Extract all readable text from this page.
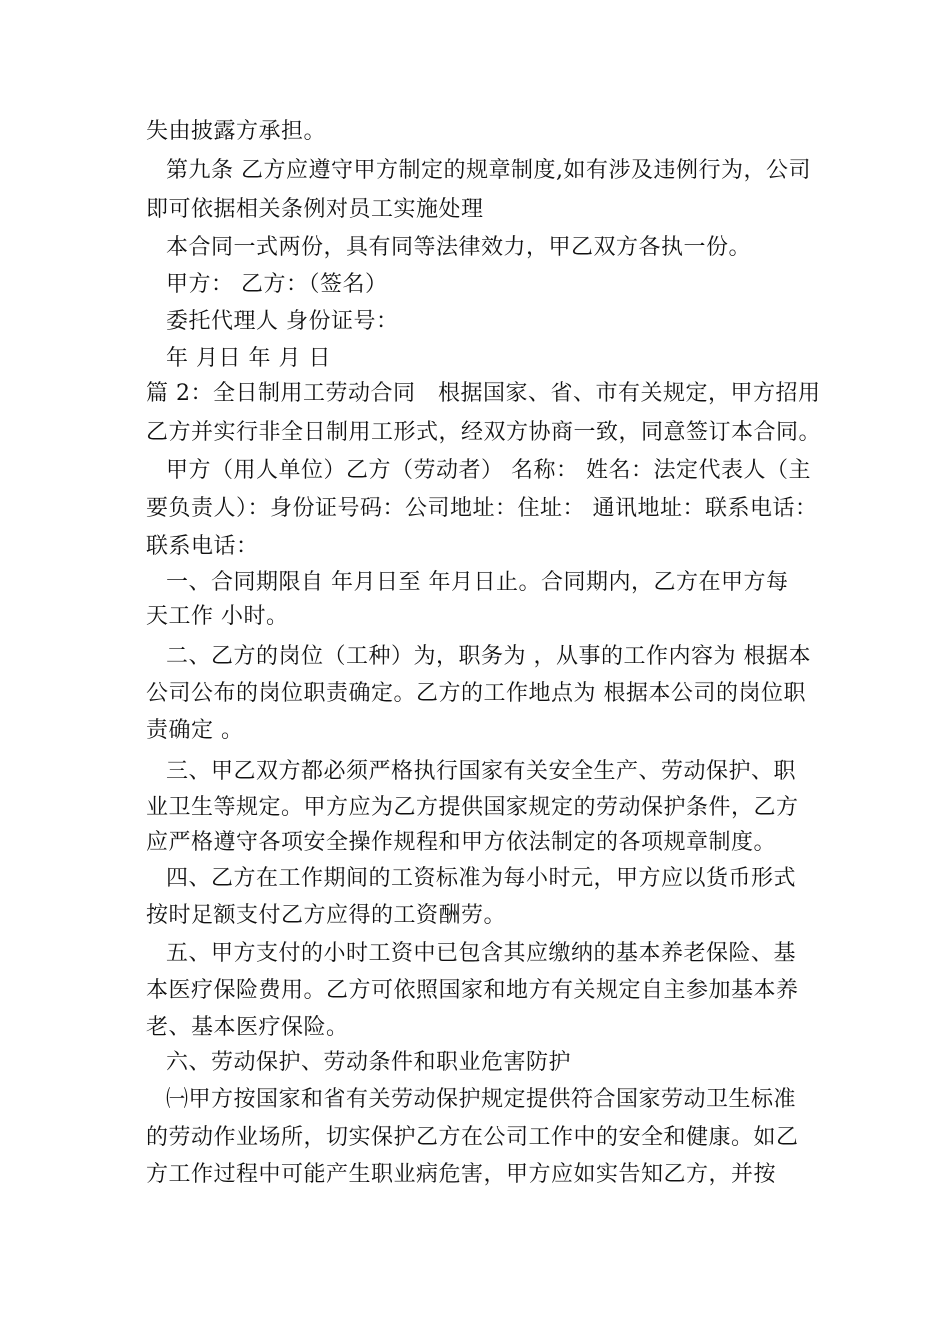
失由披露方承担。
第九条 乙方应遵守甲方制定的规章制度,如有涉及违例行为，公司
即可依据相关条例对员工实施处理
本合同一式两份，具有同等法律效力，甲乙双方各执一份。
甲方： 乙方：（签名）
委托代理人 身份证号：
年 月日 年 月 日
篇 2：全日制用工劳动合同　根据国家、省、市有关规定，甲方招用
乙方并实行非全日制用工形式，经双方协商一致，同意签订本合同。
甲方（用人单位）乙方（劳动者） 名称： 姓名：法定代表人（主
要负责人）：身份证号码：公司地址：住址： 通讯地址：联系电话：
联系电话：
一、合同期限自 年月日至 年月日止。合同期内，乙方在甲方每
天工作 小时。
二、乙方的岗位（工种）为，职务为 ，从事的工作内容为 根据本
公司公布的岗位职责确定。乙方的工作地点为 根据本公司的岗位职
责确定 。
三、甲乙双方都必须严格执行国家有关安全生产、劳动保护、职
业卫生等规定。甲方应为乙方提供国家规定的劳动保护条件，乙方
应严格遵守各项安全操作规程和甲方依法制定的各项规章制度。
四、乙方在工作期间的工资标准为每小时元，甲方应以货币形式
按时足额支付乙方应得的工资酬劳。
五、甲方支付的小时工资中已包含其应缴纳的基本养老保险、基
本医疗保险费用。乙方可依照国家和地方有关规定自主参加基本养
老、基本医疗保险。
六、劳动保护、劳动条件和职业危害防护
㈠甲方按国家和省有关劳动保护规定提供符合国家劳动卫生标准
的劳动作业场所，切实保护乙方在公司工作中的安全和健康。如乙
方工作过程中可能产生职业病危害，甲方应如实告知乙方，并按
